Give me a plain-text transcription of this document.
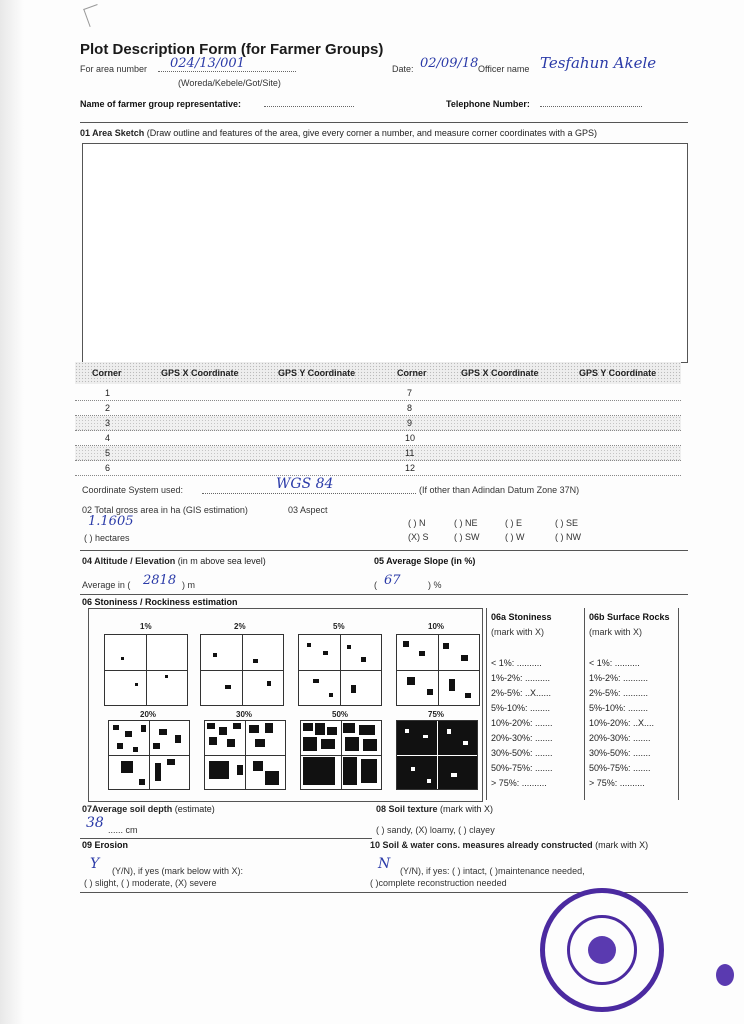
Plot Description Form (for Farmer Groups)
For area number 024/13/001
(Woreda/Kebele/Got/Site)
Date: 02/09/18 Officer name Tesfahun Akele
Name of farmer group representative:	Telephone Number:
01 Area Sketch (Draw outline and features of the area, give every corner a number, and measure corner coordinates with a GPS)
Corner	GPS X Coordinate	GPS Y Coordinate	Corner	GPS X Coordinate	GPS Y Coordinate
1	7
2	8
3	9
4	10
5	11
6	12
Coordinate System used:	WGS 84	(If other than Adindan Datum Zone 37N)
02 Total gross area in ha (GIS estimation)
1.1605
( ) hectares
03 Aspect
( ) N	( ) NE	( ) E	( ) SE
(X) S	( ) SW	( ) W	( ) NW
04 Altitude / Elevation (in m above sea level)
Average in ( 2818 ) m
05 Average Slope (in %)
( 67	) %
06 Stoniness / Rockiness estimation
1%	2%	5%	10%
20%	30%	50%	75%
06a Stoniness
(mark with X)
06b Surface Rocks
(mark with X)
< 1%: ..........
1%-2%: ..........
2%-5%: ..X......
5%-10%: ........
10%-20%: .......
20%-30%: .......
30%-50%: .......
50%-75%: .......
> 75%: ..........
< 1%: ..........
1%-2%: ..........
2%-5%: ..........
5%-10%: ........
10%-20%: ..X....
20%-30%: .......
30%-50%: .......
50%-75%: .......
> 75%: ..........
07Average soil depth (estimate)
38 ...... cm
08 Soil texture (mark with X)
( ) sandy, (X) loamy, ( ) clayey
09 Erosion
Y (Y/N), if yes (mark below with X):
( ) slight, ( ) moderate, (X) severe
10 Soil & water cons. measures already constructed (mark with X)
N (Y/N), if yes: ( ) intact, ( )maintenance needed,
( )complete reconstruction needed
